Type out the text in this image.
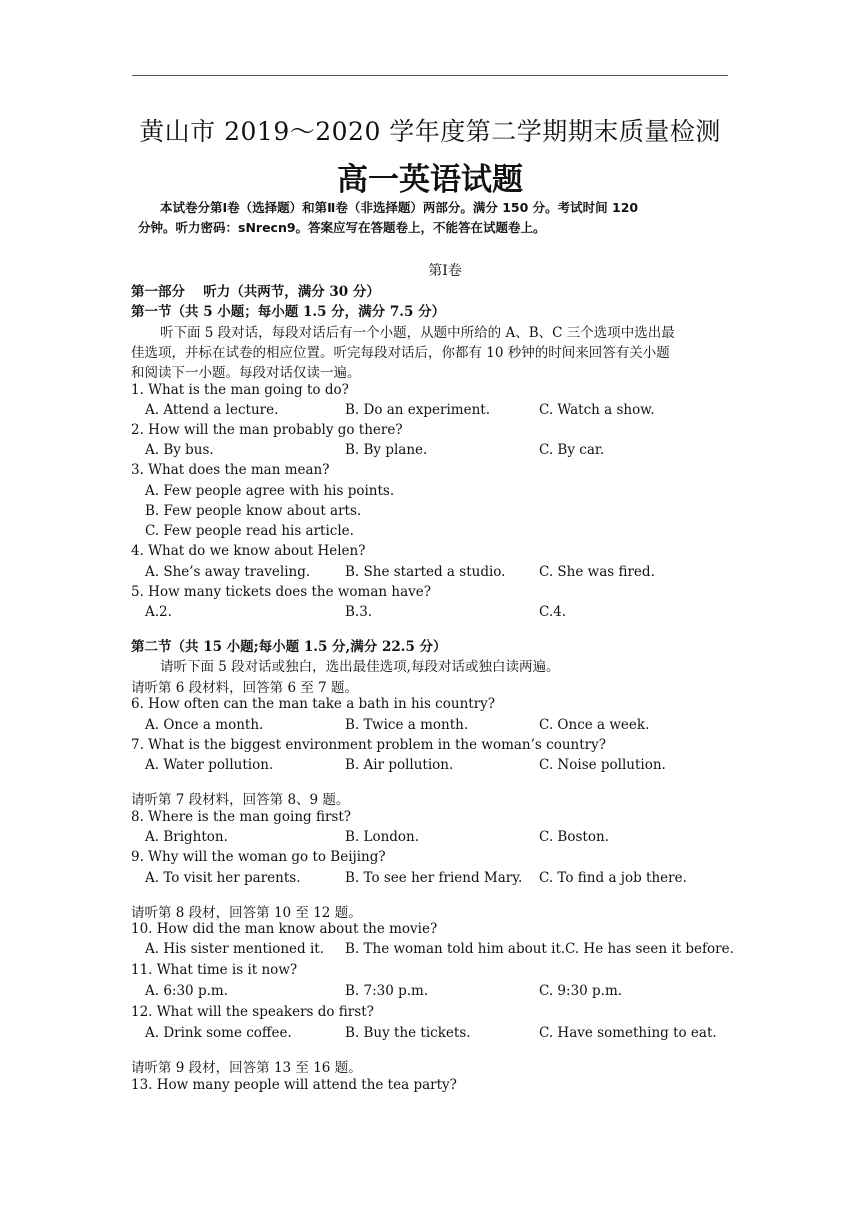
黄山市 2019～2020 学年度第二学期期末质量检测
高一英语试题
本试卷分第Ⅰ卷（选择题）和第Ⅱ卷（非选择题）两部分。满分 150 分。考试时间 120
分钟。听力密码：sNrecn9。答案应写在答题卷上，不能答在试题卷上。
第Ⅰ卷
第一部分　 听力（共两节，满分 30 分）
第一节（共 5 小题；每小题 1.5 分，满分 7.5 分）
听下面 5 段对话，每段对话后有一个小题，从题中所给的 A、B、C 三个选项中选出最
佳选项，并标在试卷的相应位置。听完每段对话后，你都有 10 秒钟的时间来回答有关小题
和阅读下一小题。每段对话仅读一遍。
1. What is the man going to do?
A. Attend a lecture.	B. Do an experiment.	C. Watch a show.
2. How will the man probably go there?
A. By bus.	B. By plane.	C. By car.
3. What does the man mean?
A. Few people agree with his points.
B. Few people know about arts.
C. Few people read his article.
4. What do we know about Helen?
A. She’s away traveling.	B. She started a studio. C. She was fired.
5. How many tickets does the woman have?
A.2.	B.3.	C.4.
第二节（共 15 小题;每小题 1.5 分,满分 22.5 分）
请听下面 5 段对话或独白，选出最佳选项,每段对话或独白读两遍。
请听第 6 段材料，回答第 6 至 7 题。
6. How often can the man take a bath in his country?
A. Once a month.	B. Twice a month.	C. Once a week.
7. What is the biggest environment problem in the woman’s country?
A. Water pollution.	B. Air pollution.	C. Noise pollution.
请听第 7 段材料，回答第 8、9 题。
8. Where is the man going first?
A. Brighton.	B. London.	C. Boston.
9. Why will the woman go to Beijing?
A. To visit her parents.	B. To see her friend Mary. C. To find a job there.
请听第 8 段材，回答第 10 至 12 题。
10. How did the man know about the movie?
A. His sister mentioned it. B. The woman told him about it. C. He has seen it before.
11. What time is it now?
A. 6:30 p.m.	B. 7:30 p.m.	C. 9:30 p.m.
12. What will the speakers do first?
A. Drink some coffee.	B. Buy the tickets.	C. Have something to eat.
请听第 9 段材，回答第 13 至 16 题。
13. How many people will attend the tea party?
